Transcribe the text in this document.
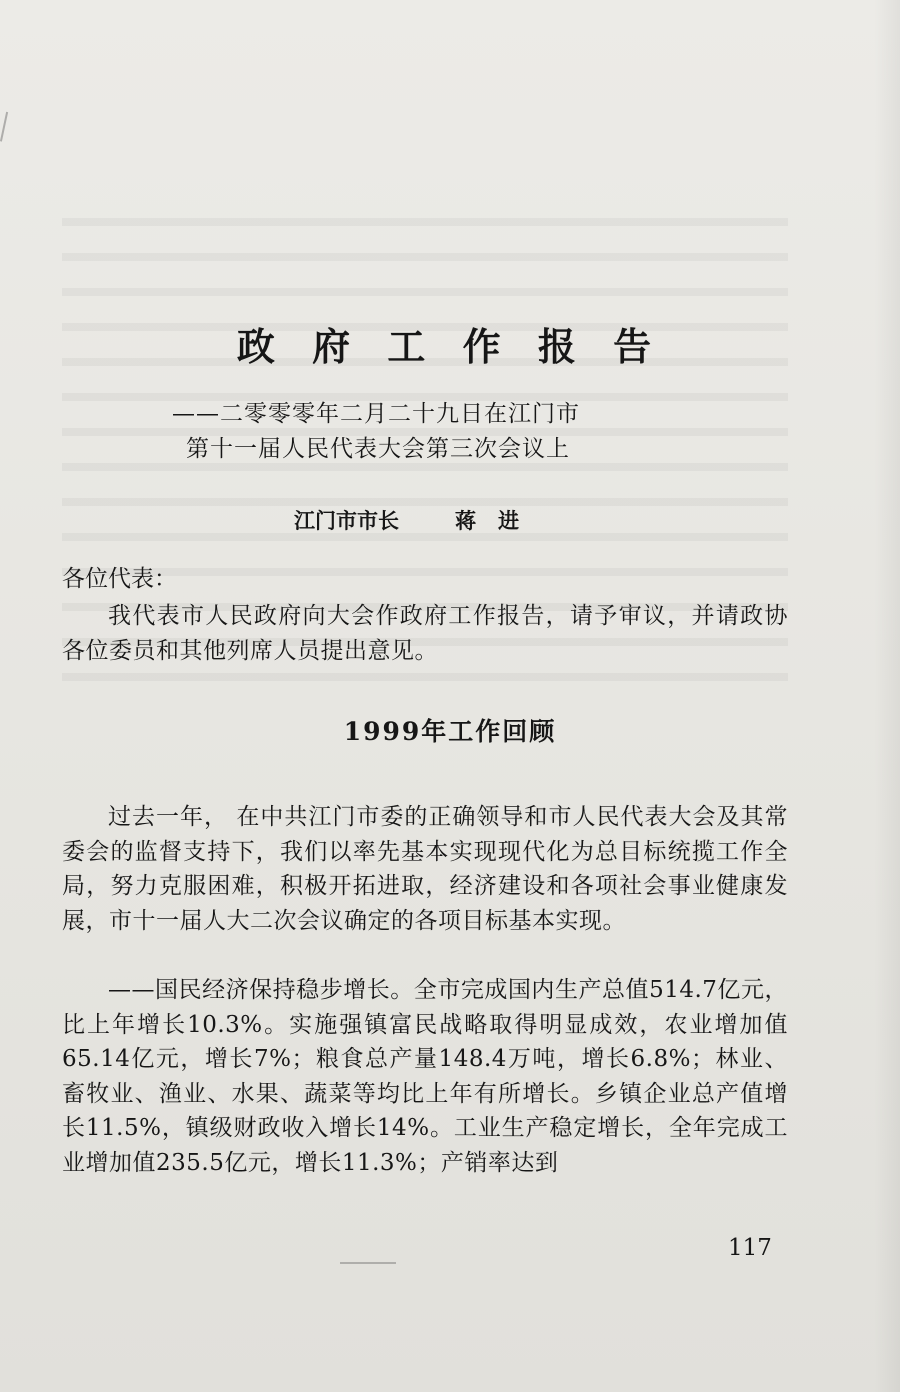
政 府 工 作 报 告
——二零零零年二月二十九日在江门市
第十一届人民代表大会第三次会议上
江门市市长	蒋进
各位代表：
我代表市人民政府向大会作政府工作报告，请予审议，并请政协各位委员和其他列席人员提出意见。
1999年工作回顾
过去一年， 在中共江门市委的正确领导和市人民代表大会及其常委会的监督支持下，我们以率先基本实现现代化为总目标统揽工作全局，努力克服困难，积极开拓进取，经济建设和各项社会事业健康发展，市十一届人大二次会议确定的各项目标基本实现。
——国民经济保持稳步增长。全市完成国内生产总值514.7亿元，比上年增长10.3%。实施强镇富民战略取得明显成效，农业增加值65.14亿元，增长7%；粮食总产量148.4万吨，增长6.8%；林业、畜牧业、渔业、水果、蔬菜等均比上年有所增长。乡镇企业总产值增长11.5%，镇级财政收入增长14%。工业生产稳定增长，全年完成工业增加值235.5亿元，增长11.3%；产销率达到
117
